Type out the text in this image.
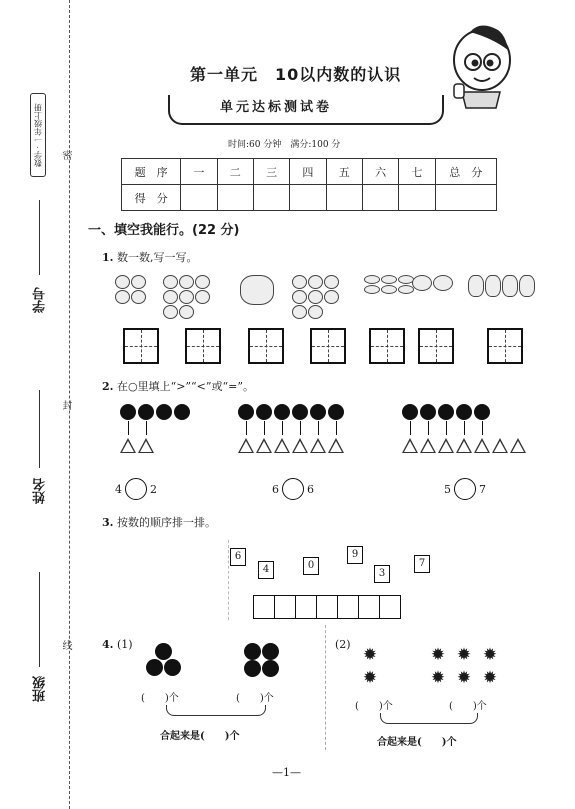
数学 · 一年级上册	密
封
线
学号
姓名
班级
第一单元　10以内数的认识
单元达标测试卷
时间:60 分钟　满分:100 分
题　序	一	二	三	四	五	六	七	总　分
得　分								
一、填空我能行。(22 分)
1. 数一数,写一写。
2. 在○里填上“>”“<”或“=”。
4	2	6	6	5	7
3. 按数的顺序排一排。
6
4	0
9
3
7
4. (1)	(2)
(　　)个	(　　)个
合起来是(　　)个
✹
✹
✹ ✹ ✹
✹ ✹ ✹
(　　)个	(　　)个
合起来是(　　)个
—1—
